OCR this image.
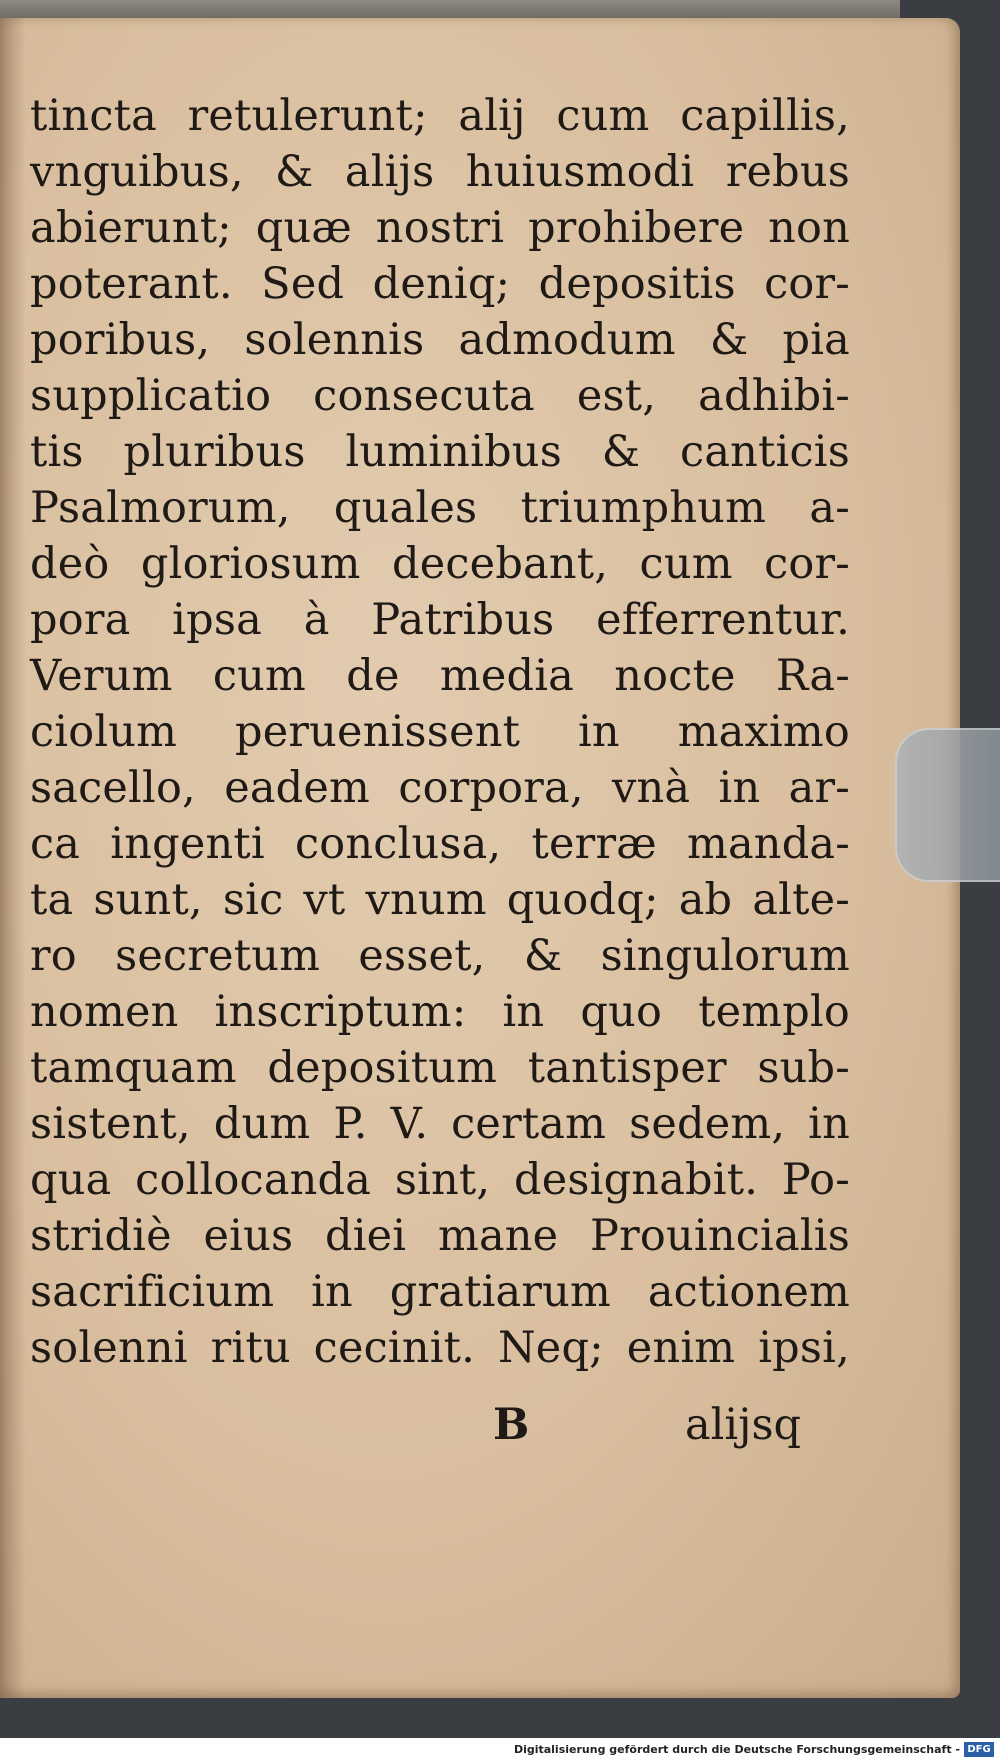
tincta retulerunt; alij cum capillis,
vnguibus, & alijs huiusmodi rebus
abierunt; quæ nostri prohibere non
poterant. Sed deniq; depositis cor-
poribus, solennis admodum & pia
supplicatio consecuta est, adhibi-
tis pluribus luminibus & canticis
Psalmorum, quales triumphum a-
deò gloriosum decebant, cum cor-
pora ipsa à Patribus efferrentur.
Verum cum de media nocte Ra-
ciolum peruenissent in maximo
sacello, eadem corpora, vnà in ar-
ca ingenti conclusa, terræ manda-
ta sunt, sic vt vnum quodq; ab alte-
ro secretum esset, & singulorum
nomen inscriptum: in quo templo
tamquam depositum tantisper sub-
sistent, dum P. V. certam sedem, in
qua collocanda sint, designabit. Po-
stridiè eius diei mane Prouincialis
sacrificium in gratiarum actionem
solenni ritu cecinit. Neq; enim ipsi,
B	alijsq
Digitalisierung gefördert durch die Deutsche Forschungsgemeinschaft - DFG
